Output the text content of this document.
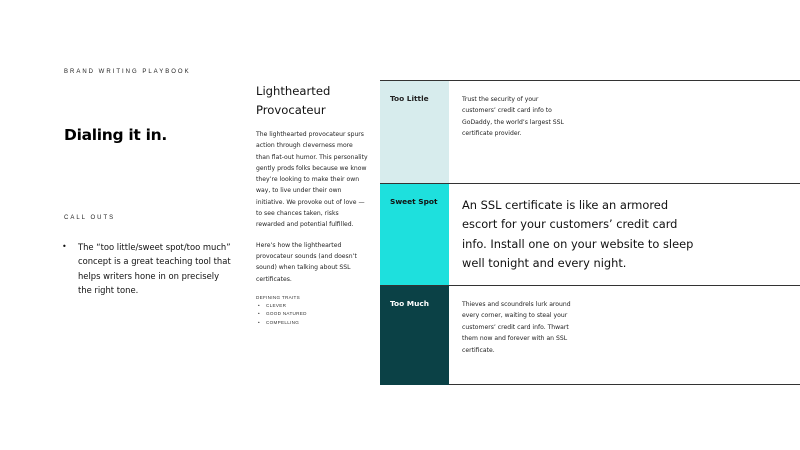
BRAND WRITING PLAYBOOK
Dialing it in.
CALL OUTS
• The “too little/sweet spot/too much” concept is a great teaching tool that helps writers hone in on precisely the right tone.
Lighthearted
Provocateur

The lighthearted provocateur spurs action through cleverness more than flat-out humor. This personality gently prods folks because we know they’re looking to make their own way, to live under their own initiative. We provoke out of love — to see chances taken, risks rewarded and potential fulfilled.

Here’s how the lighthearted provocateur sounds (and doesn’t sound) when talking about SSL certificates.

DEFINING TRAITS
• CLEVER
• GOOD NATURED
• COMPELLING
Too Little	Trust the security of your customers’ credit card info to GoDaddy, the world’s largest SSL certificate provider.
Sweet Spot	An SSL certificate is like an armored escort for your customers’ credit card info. Install one on your website to sleep well tonight and every night.
Too Much	Thieves and scoundrels lurk around every corner, waiting to steal your customers’ credit card info. Thwart them now and forever with an SSL certificate.
